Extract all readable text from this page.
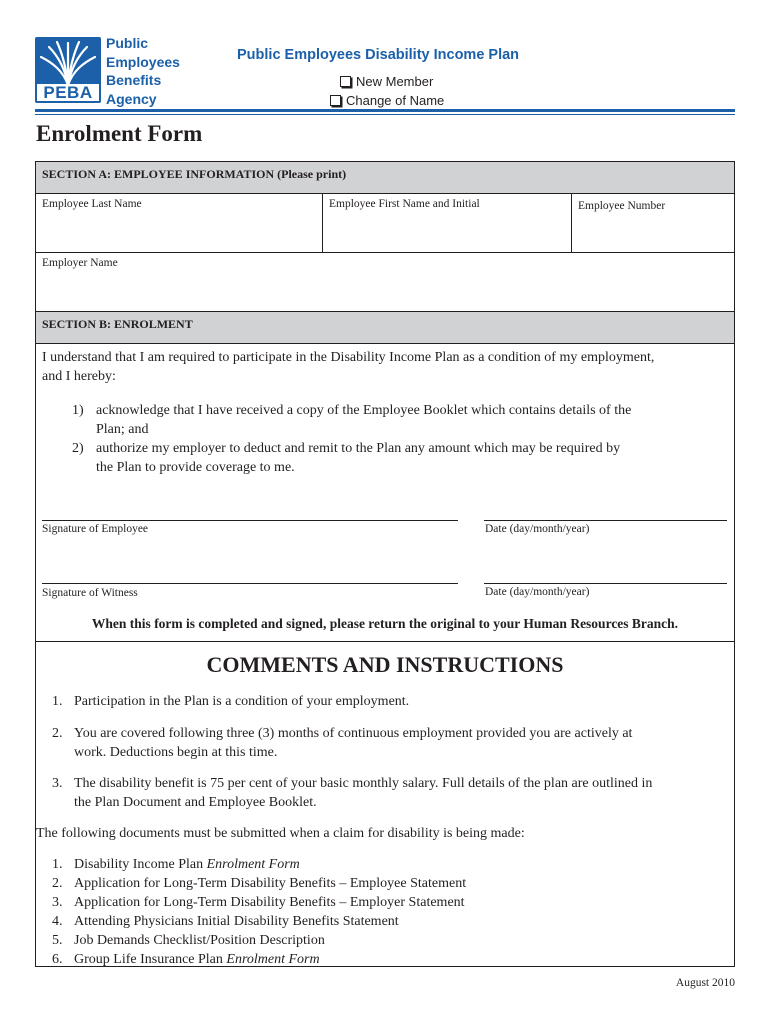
PEBA
Public
Employees
Benefits
Agency
Public Employees Disability Income Plan
New Member
Change of Name
Enrolment Form
SECTION A: EMPLOYEE INFORMATION (Please print)
Employee Last Name	Employee First Name and Initial	Employee Number
Employer Name
SECTION B: ENROLMENT
I understand that I am required to participate in the Disability Income Plan as a condition of my employment,
and I hereby:
1) acknowledge that I have received a copy of the Employee Booklet which contains details of the
Plan; and
2) authorize my employer to deduct and remit to the Plan any amount which may be required by
the Plan to provide coverage to me.
Signature of Employee	Date (day/month/year)
Signature of Witness	Date (day/month/year)
When this form is completed and signed, please return the original to your Human Resources Branch.
COMMENTS AND INSTRUCTIONS
1. Participation in the Plan is a condition of your employment.
2. You are covered following three (3) months of continuous employment provided you are actively at
work. Deductions begin at this time.
3. The disability benefit is 75 per cent of your basic monthly salary. Full details of the plan are outlined in
the Plan Document and Employee Booklet.
The following documents must be submitted when a claim for disability is being made:
1. Disability Income Plan Enrolment Form
2. Application for Long-Term Disability Benefits – Employee Statement
3. Application for Long-Term Disability Benefits – Employer Statement
4. Attending Physicians Initial Disability Benefits Statement
5. Job Demands Checklist/Position Description
6. Group Life Insurance Plan Enrolment Form
August 2010
